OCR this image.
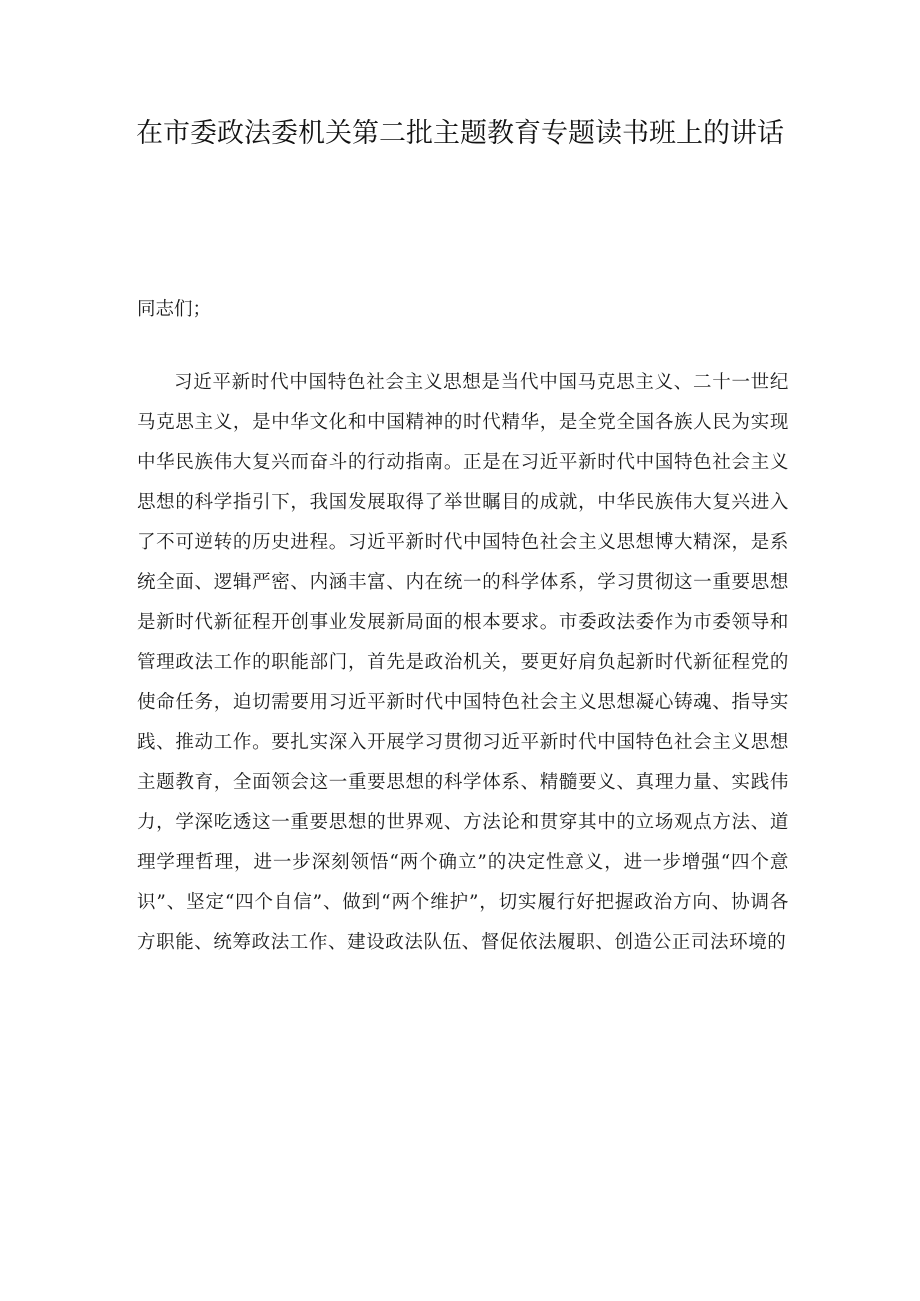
在市委政法委机关第二批主题教育专题读书班上的讲话

同志们；

习近平新时代中国特色社会主义思想是当代中国马克思主义、二十一世纪马克思主义，是中华文化和中国精神的时代精华，是全党全国各族人民为实现中华民族伟大复兴而奋斗的行动指南。正是在习近平新时代中国特色社会主义思想的科学指引下，我国发展取得了举世瞩目的成就，中华民族伟大复兴进入了不可逆转的历史进程。习近平新时代中国特色社会主义思想博大精深，是系统全面、逻辑严密、内涵丰富、内在统一的科学体系，学习贯彻这一重要思想是新时代新征程开创事业发展新局面的根本要求。市委政法委作为市委领导和管理政法工作的职能部门，首先是政治机关，要更好肩负起新时代新征程党的使命任务，迫切需要用习近平新时代中国特色社会主义思想凝心铸魂、指导实践、推动工作。要扎实深入开展学习贯彻习近平新时代中国特色社会主义思想主题教育，全面领会这一重要思想的科学体系、精髓要义、真理力量、实践伟力，学深吃透这一重要思想的世界观、方法论和贯穿其中的立场观点方法、道理学理哲理，进一步深刻领悟“两个确立”的决定性意义，进一步增强“四个意识”、坚定“四个自信”、做到“两个维护”，切实履行好把握政治方向、协调各方职能、统筹政法工作、建设政法队伍、督促依法履职、创造公正司法环境的
